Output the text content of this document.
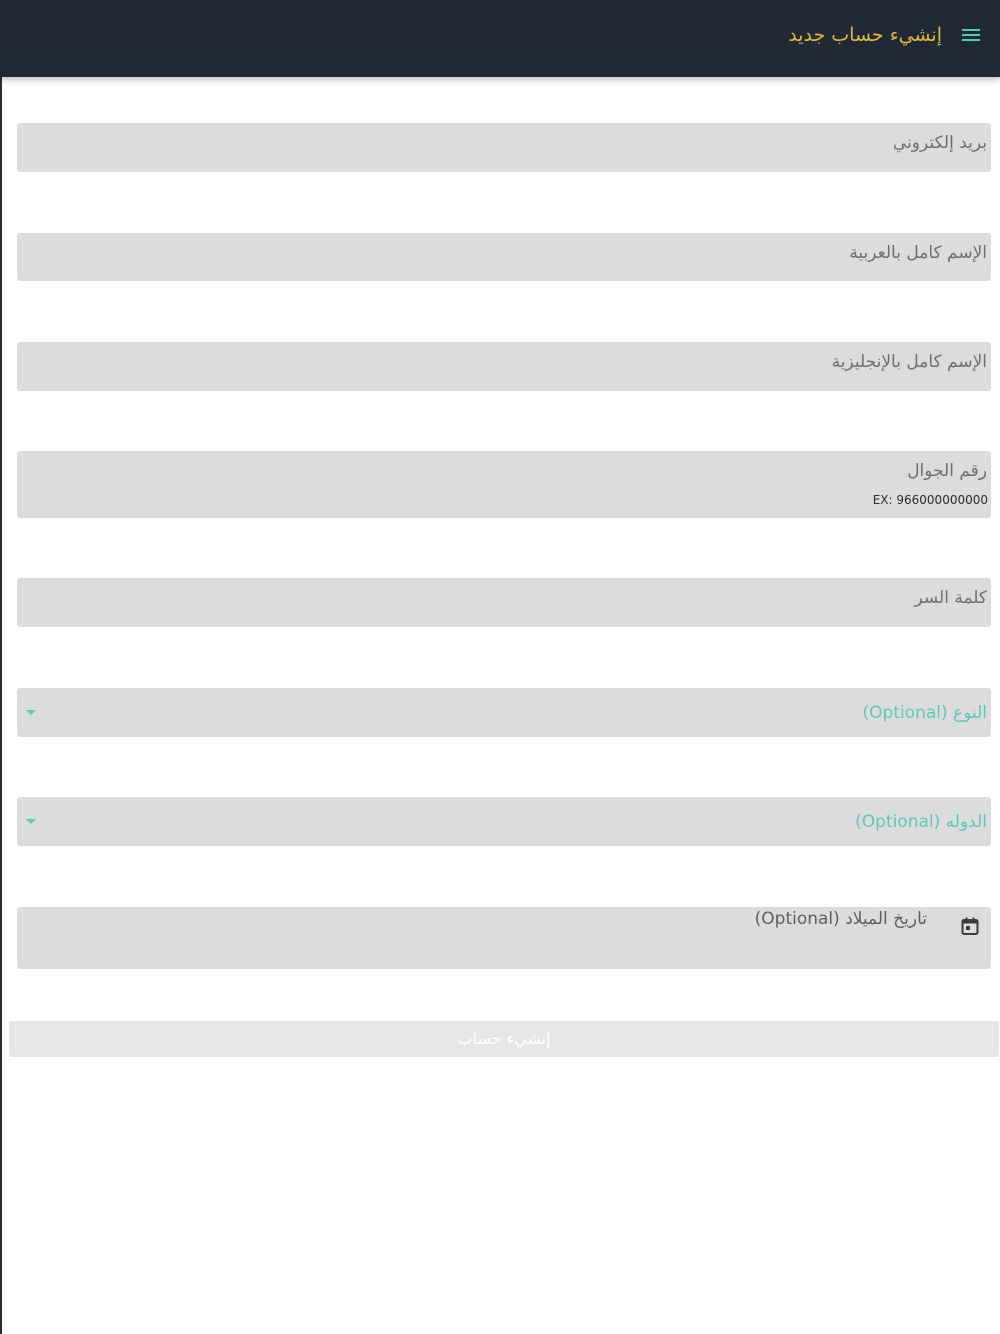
إنشيء حساب جديد
بريد إلكتروني
الإسم كامل بالعربية
الإسم كامل بالإنجليزية
رقم الجوال
EX: 966000000000
كلمة السر
النوع (Optional)
الدوله (Optional)
تاريخ الميلاد (Optional)
إنشيء حساب
